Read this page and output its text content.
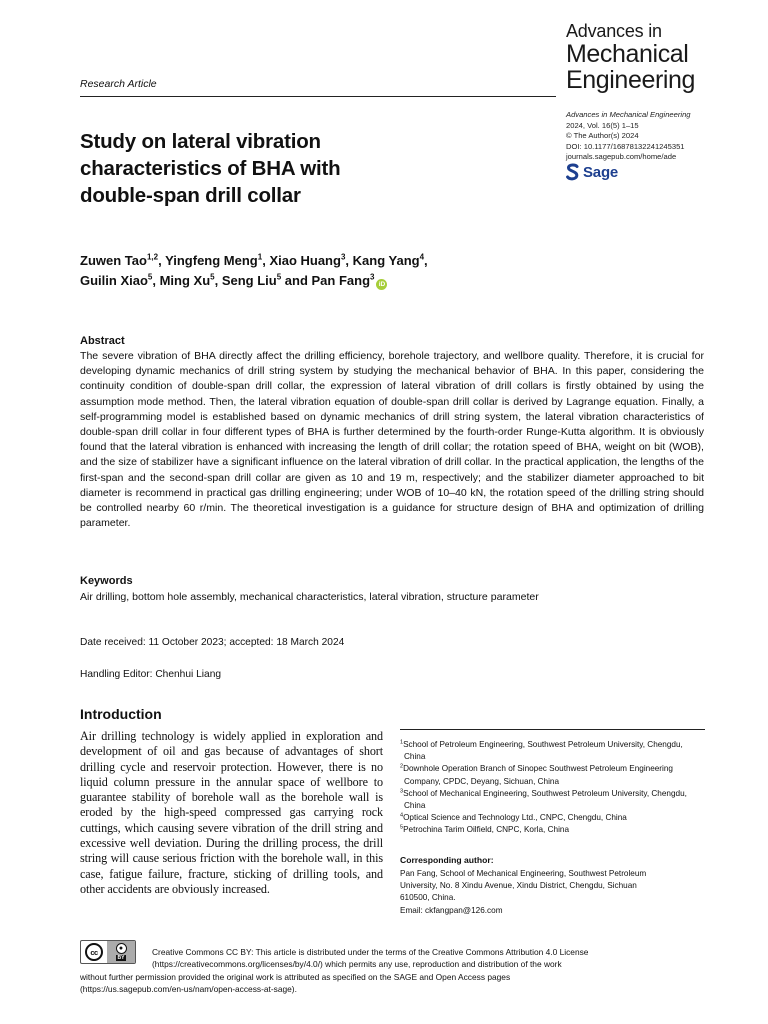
Advances in
Mechanical
Engineering
Research Article
Study on lateral vibration characteristics of BHA with double-span drill collar
Advances in Mechanical Engineering
2024, Vol. 16(5) 1–15
© The Author(s) 2024
DOI: 10.1177/16878132241245351
journals.sagepub.com/home/ade
Sage
Zuwen Tao$^{1,2}$, Yingfeng Meng$^1$, Xiao Huang$^3$, Kang Yang$^4$,
Guilin Xiao$^5$, Ming Xu$^5$, Seng Liu$^5$ and Pan Fang$^3$iD
Abstract

The severe vibration of BHA directly affect the drilling efficiency, borehole trajectory, and wellbore quality. Therefore, it is crucial for developing dynamic mechanics of drill string system by studying the mechanical behavior of BHA. In this paper, considering the continuity condition of double-span drill collar, the expression of lateral vibration of drill collars is firstly obtained by using the assumption mode method. Then, the lateral vibration equation of double-span drill collar is derived by Lagrange equation. Finally, a self-programming model is established based on dynamic mechanics of drill string system, the lateral vibration characteristics of double-span drill collar in four different types of BHA is further determined by the fourth-order Runge-Kutta algorithm. It is obviously found that the lateral vibration is enhanced with increasing the length of drill collar; the rotation speed of BHA, weight on bit (WOB), and the size of stabilizer have a significant influence on the lateral vibration of drill collar. In the practical application, the lengths of the first-span and the second-span drill collar are given as 10 and 19 m, respectively; and the stabilizer diameter approached to bit diameter is recommend in practical gas drilling engineering; under WOB of 10–40 kN, the rotation speed of the drilling string should be controlled nearby 60 r/min. The theoretical investigation is a guidance for structure design of BHA and optimization of drilling parameter.

Keywords

Air drilling, bottom hole assembly, mechanical characteristics, lateral vibration, structure parameter

Date received: 11 October 2023; accepted: 18 March 2024
Handling Editor: Chenhui Liang
Introduction

Air drilling technology is widely applied in exploration and development of oil and gas because of advantages of short drilling cycle and reservoir protection. However, there is no liquid column pressure in the annular space of wellbore to guarantee stability of borehole wall as the borehole wall is eroded by the high-speed compressed gas carrying rock cuttings, which causing severe vibration of the drill string and excessive well deviation. During the drilling process, the drill string will cause serious friction with the borehole wall, in this case, fatigue failure, fracture, sticking of drilling tools, and other accidents are obviously increased.

$^1$School of Petroleum Engineering, Southwest Petroleum University, Chengdu, China
$^2$Downhole Operation Branch of Sinopec Southwest Petroleum Engineering Company, CPDC, Deyang, Sichuan, China
$^3$School of Mechanical Engineering, Southwest Petroleum University, Chengdu, China
$^4$Optical Science and Technology Ltd., CNPC, Chengdu, China
$^5$Petrochina Tarim Oilfield, CNPC, Korla, China
Corresponding author:
Pan Fang, School of Mechanical Engineering, Southwest Petroleum
University, No. 8 Xindu Avenue, Xindu District, Chengdu, Sichuan
610500, China.
Email: ckfangpan@126.com
cc	●
BY
Creative Commons CC BY: This article is distributed under the terms of the Creative Commons Attribution 4.0 License
(https://creativecommons.org/licenses/by/4.0/) which permits any use, reproduction and distribution of the work
without further permission provided the original work is attributed as specified on the SAGE and Open Access pages
(https://us.sagepub.com/en-us/nam/open-access-at-sage).
